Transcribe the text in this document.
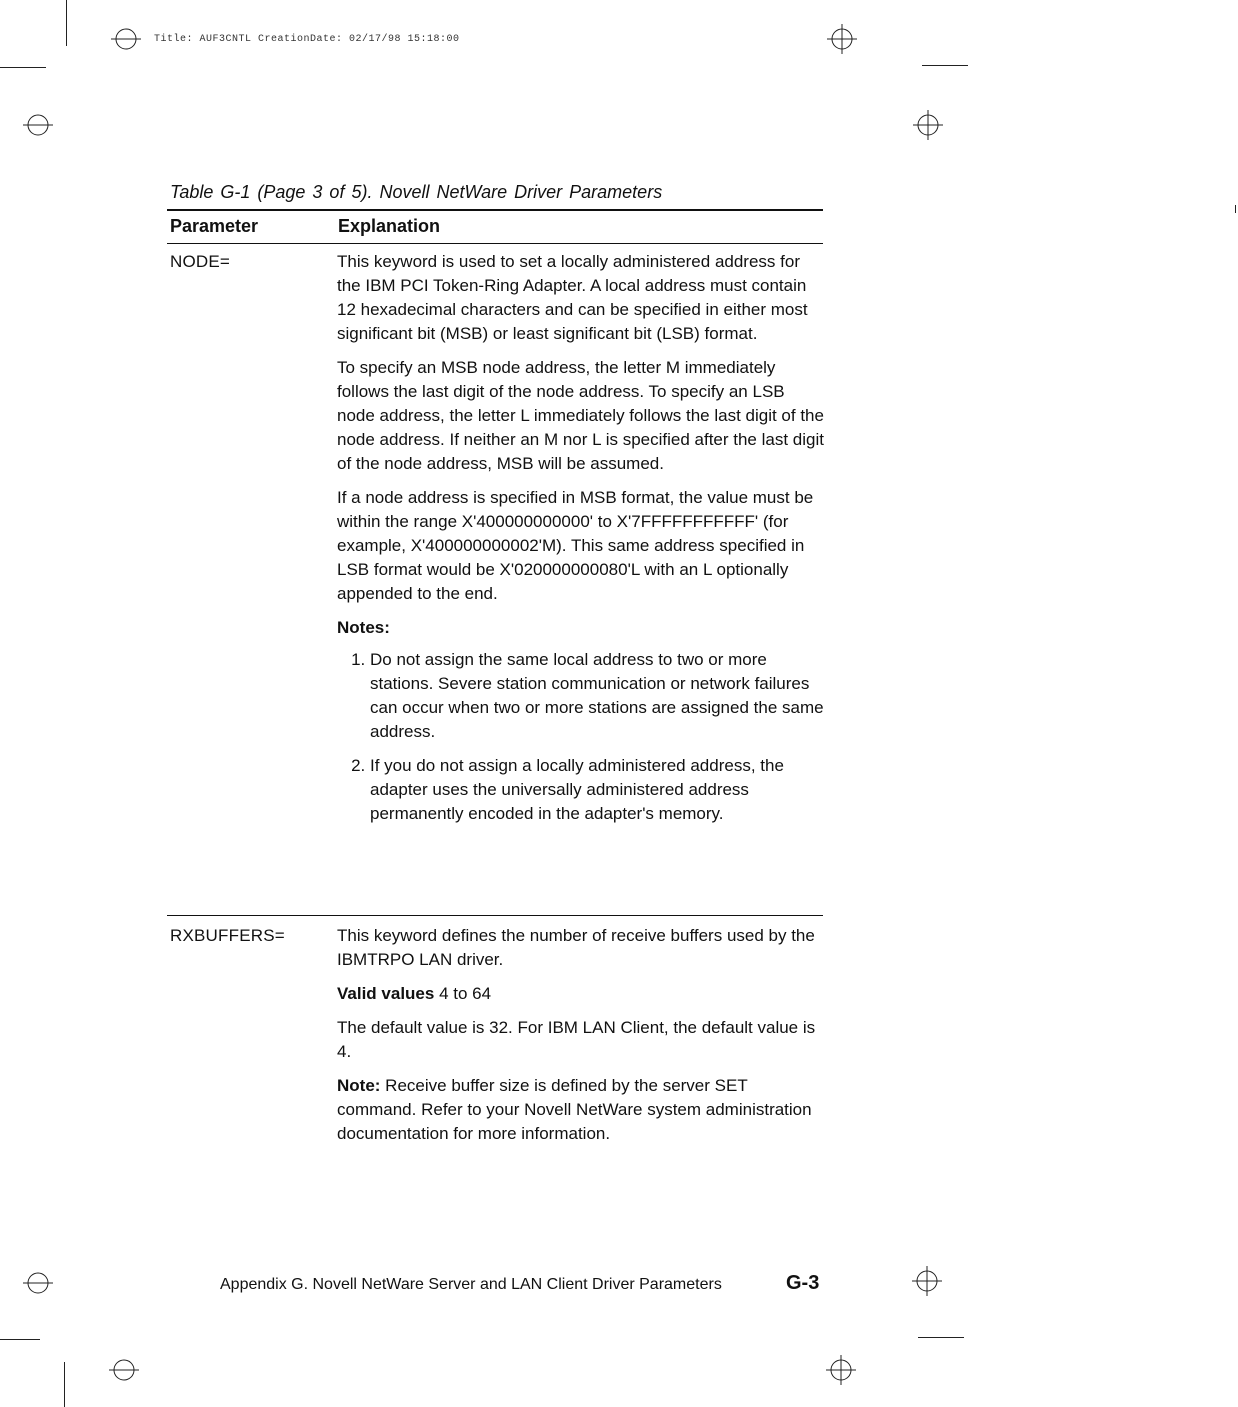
Title: AUF3CNTL CreationDate: 02/17/98 15:18:00
Table G-1 (Page 3 of 5). Novell NetWare Driver Parameters
Parameter	Explanation
NODE=	This keyword is used to set a locally administered address for the IBM PCI Token-Ring Adapter. A local address must contain 12 hexadecimal characters and can be specified in either most significant bit (MSB) or least significant bit (LSB) format.

To specify an MSB node address, the letter M immediately follows the last digit of the node address. To specify an LSB node address, the letter L immediately follows the last digit of the node address. If neither an M nor L is specified after the last digit of the node address, MSB will be assumed.

If a node address is specified in MSB format, the value must be within the range X'400000000000' to X'7FFFFFFFFFFF' (for example, X'400000000002'M). This same address specified in LSB format would be X'020000000080'L with an L optionally appended to the end.

Notes:
1. Do not assign the same local address to two or more stations. Severe station communication or network failures can occur when two or more stations are assigned the same address.
2. If you do not assign a locally administered address, the adapter uses the universally administered address permanently encoded in the adapter's memory.
RXBUFFERS=	This keyword defines the number of receive buffers used by the IBMTRPO LAN driver.

Valid values 4 to 64

The default value is 32. For IBM LAN Client, the default value is 4.

Note: Receive buffer size is defined by the server SET command. Refer to your Novell NetWare system administration documentation for more information.

Appendix G. Novell NetWare Server and LAN Client Driver Parameters	G-3
